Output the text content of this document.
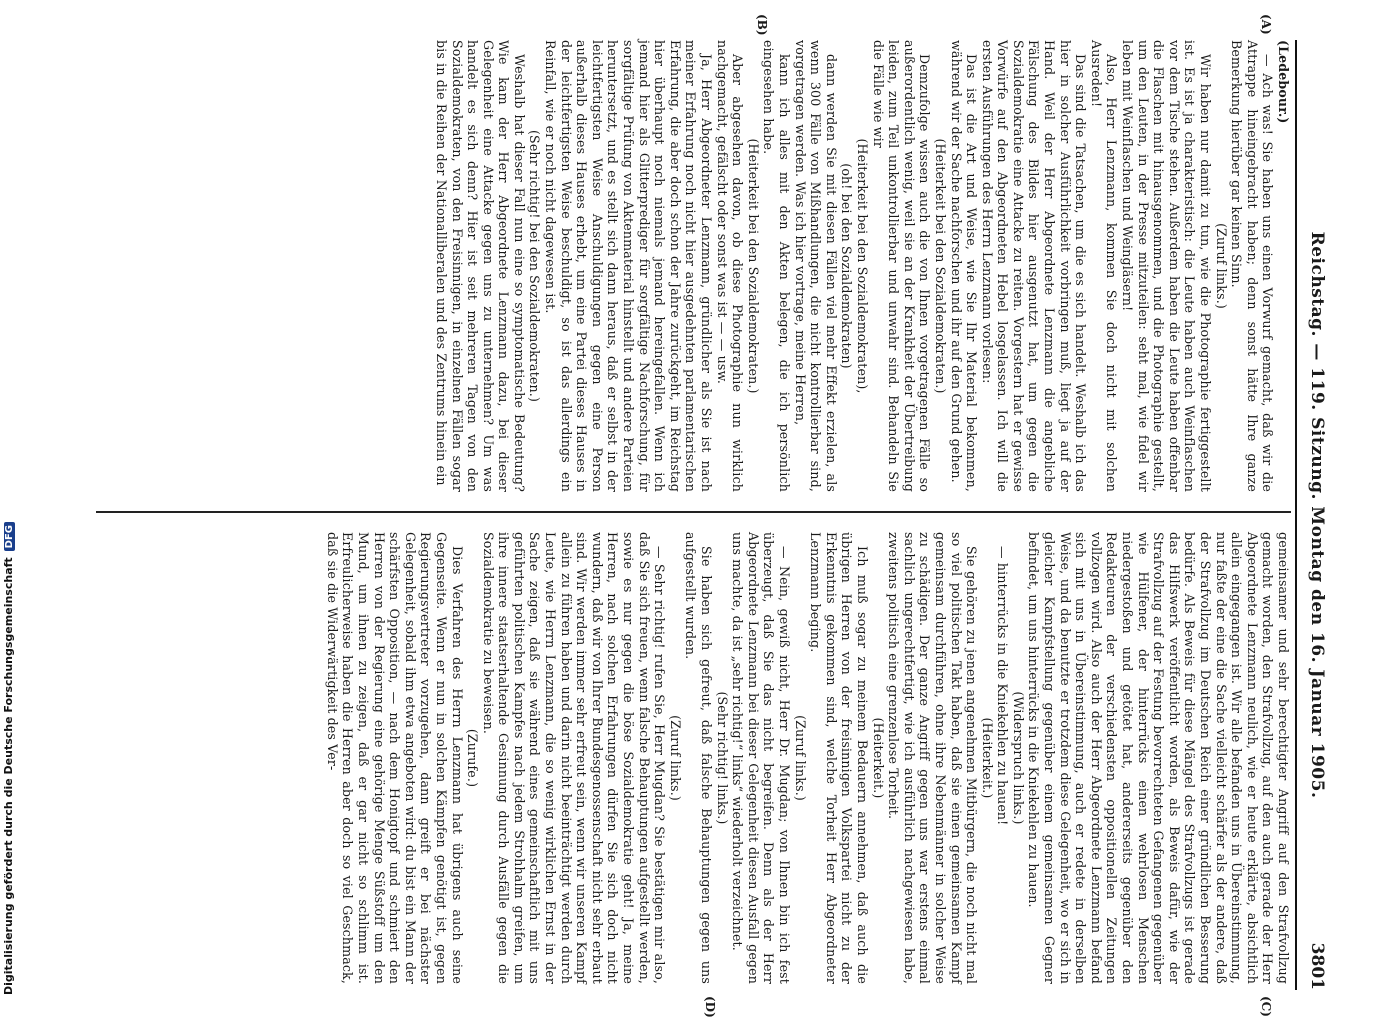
Reichstag. — 119. Sitzung. Montag den 16. Januar 1905.
3801
(A)
(B)
(C)
(D)

(Ledebour.)

— Ach was! Sie haben uns einen Vorwurf gemacht, daß wir die Attrappe hineingebracht haben; denn sonst hätte Ihre ganze Bemerkung hierüber gar keinen Sinn.

(Zuruf links.)

Wir haben nur damit zu tun, wie die Photographie fertiggestellt ist. Es ist ja charakteristisch: die Leute haben auch Weinflaschen vor dem Tische stehen. Außerdem haben die Leute haben offenbar die Flaschen mit hinausgenommen, und die Photographie gestellt, um den Leuten, in der Presse mitzuteilen: seht mal, wie fidel wir leben mit Weinflaschen und Weingläsern!

Also, Herr Lenzmann, kommen Sie doch nicht mit solchen Ausreden!

Das sind die Tatsachen, um die es sich handelt. Weshalb ich das hier in solcher Ausführlichkeit vorbringen muß, liegt ja auf der Hand. Weil der Herr Abgeordnete Lenzmann die angebliche Fälschung des Bildes hier ausgenutzt hat, um gegen die Sozialdemokratie eine Attacke zu reiten. Vorgestern hat er gewisse Vorwürfe auf den Abgeordneten Hebel losgelassen. Ich will die ersten Ausführungen des Herrn Lenzmann vorlesen:

Das ist die Art und Weise, wie Sie Ihr Material bekommen, während wir der Sache nachforschen und ihr auf den Grund gehen.

(Heiterkeit bei den Sozialdemokraten.)

Demzufolge wissen auch die von Ihnen vorgetragenen Fälle so außerordentlich wenig, weil sie an der Krankheit der Übertreibung leiden, zum Teil unkontrollierbar und unwahr sind. Behandeln Sie die Fälle wie wir

(Heiterkeit bei den Sozialdemokraten),

(oh! bei den Sozialdemokraten)

dann werden Sie mit diesen Fällen viel mehr Effekt erzielen, als wenn 300 Fälle von Mißhandlungen, die nicht kontrollierbar sind, vorgetragen werden. Was ich hier vortrage, meine Herren,

kann ich alles mit den Akten belegen, die ich persönlich eingesehen habe.

(Heiterkeit bei den Sozialdemokraten.)

Aber abgesehen davon, ob diese Photographie nun wirklich nachgemacht, gefälscht oder sonst was ist — — usw.

Ja, Herr Abgeordneter Lenzmann, gründlicher als Sie ist nach meiner Erfahrung noch nicht hier ausgedehnten parlamentarischen Erfahrung, die aber doch schon der Jahre zurückgeht, im Reichstag hier überhaupt noch niemals jemand hereingefallen. Wenn ich jemand hier als Glitterprediger für sorgfältige Nachforschung, für sorgfältige Prüfung von Aktenmaterial hinstellt und andere Parteien heruntersetzt, und es stellt sich dann heraus, daß er selbst in der leichtfertigsten Weise Anschuldigungen gegen eine Person außerhalb dieses Hauses erhebt, um eine Partei dieses Hauses in der leichtfertigsten Weise beschuldigt, so ist das allerdings ein Reinfall, wie er noch nicht dagewesen ist.

(Sehr richtig! bei den Sozialdemokraten.)

Weshalb hat dieser Fall nun eine so symptomatische Bedeutung? Wie kam der Herr Abgeordnete Lenzmann dazu, bei dieser Gelegenheit eine Attacke gegen uns zu unternehmen? Um was handelt es sich denn? Hier ist seit mehreren Tagen von den Sozialdemokraten, von den Freisinnigen, in einzelnen Fällen sogar bis in die Reihen der Nationalliberalen und des Zentrums hinein ein

gemeinsamer und sehr berechtigter Angriff auf den Strafvollzug gemacht worden, den Strafvollzug, auf den auch gerade der Herr Abgeordnete Lenzmann neulich, wie er heute erklärte, absichtlich allein eingegangen ist. Wir alle befanden uns in Übereinstimmung, nur faßte der eine die Sache vielleicht schärfer als der andere, daß der Strafvollzug im Deutschen Reich einer gründlichen Besserung bedürfe. Als Beweis für diese Mängel des Strafvollzugs ist gerade das Hilfswerk veröffentlicht worden, als Beweis dafür, wie der Strafvollzug auf der Festung bevorrechteten Gefangenen gegenüber wie Hülfener, der hinterrücks einen wehrlosen Menschen niedergestoßen und getötet hat, andererseits gegenüber den Redakteuren der verschiedensten oppositionellen Zeitungen vollzogen wird. Also auch der Herr Abgeordnete Lenzmann befand sich mit uns in Übereinstimmung, auch er redete in derselben Weise, und da benutzte er trotzdem diese Gelegenheit, wo er sich in gleicher Kampfstellung gegenüber einem gemeinsamen Gegner befindet, um uns hinterrücks in die Kniekehlen zu hauen.

(Widerspruch links.)

— hinterrücks in die Kniekehlen zu hauen!

(Heiterkeit.)

Sie gehören zu jenen angenehmen Mitbürgern, die noch nicht mal so viel politischen Takt haben, daß sie einen gemeinsamen Kampf gemeinsam durchführen, ohne ihre Nebenmänner in solcher Weise zu schädigen. Der ganze Angriff gegen uns war erstens einmal sachlich ungerechtfertigt, wie ich ausführlich nachgewiesen habe, zweitens politisch eine grenzenlose Torheit.

(Heiterkeit.)

Ich muß sogar zu meinem Bedauern annehmen, daß auch die übrigen Herren von der freisinnigen Volkspartei nicht zu der Erkenntnis gekommen sind, welche Torheit Herr Abgeordneter Lenzmann beging.

(Zuruf links.)

— Nein, gewiß nicht, Herr Dr. Mugdan; von Ihnen bin ich fest überzeugt, daß Sie das nicht begreifen. Denn als der Herr Abgeordnete Lenzmann bei dieser Gelegenheit diesen Ausfall gegen uns machte, da ist „sehr richtig!“ links“ wiederholt verzeichnet.

(Sehr richtig! links.)

Sie haben sich gefreut, daß falsche Behauptungen gegen uns aufgestellt wurden.

(Zuruf links.)

— Sehr richtig! rufen Sie, Herr Mugdan? Sie bestätigen mir also, daß Sie sich freuen, wenn falsche Behauptungen aufgestellt werden, sowie es nur gegen die böse Sozialdemokratie geht! Ja, meine Herren, nach solchen Erfahrungen dürfen Sie sich doch nicht wundern, daß wir von Ihrer Bundesgenossenschaft nicht sehr erbaut sind. Wir werden immer sehr erfreut sein, wenn wir unseren Kampf allein zu führen haben und darin nicht beeinträchtigt werden durch Leute, wie Herrn Lenzmann, die so wenig wirklichen Ernst in der Sache zeigen, daß sie während eines gemeinschaftlich mit uns geführten politischen Kampfes nach jedem Strohhalm greifen, um ihre innere staatserhaltende Gesinnung durch Ausfälle gegen die Sozialdemokratie zu beweisen.

(Zurufe.)

Dies Verfahren des Herrn Lenzmann hat übrigens auch seine Gegenseite. Wenn er nun in solchen Kämpfen genötigt ist, gegen Regierungsvertreter vorzugehen, dann greift er bei nächster Gelegenheit, sobald ihm etwa angeboten wird: du bist ein Mann der schärfsten Opposition, — nach dem Honigtopf und schmiert den Herren von der Regierung eine gehörige Menge Süßstoff um den Mund, um ihnen zu zeigen, daß er gar nicht so schlimm ist. Erfreulicherweise haben die Herren aber doch so viel Geschmack, daß sie die Widerwärtigkeit des Ver-

Digitalisierung gefördert durch die Deutsche ForschungsgemeinschaftDFG
